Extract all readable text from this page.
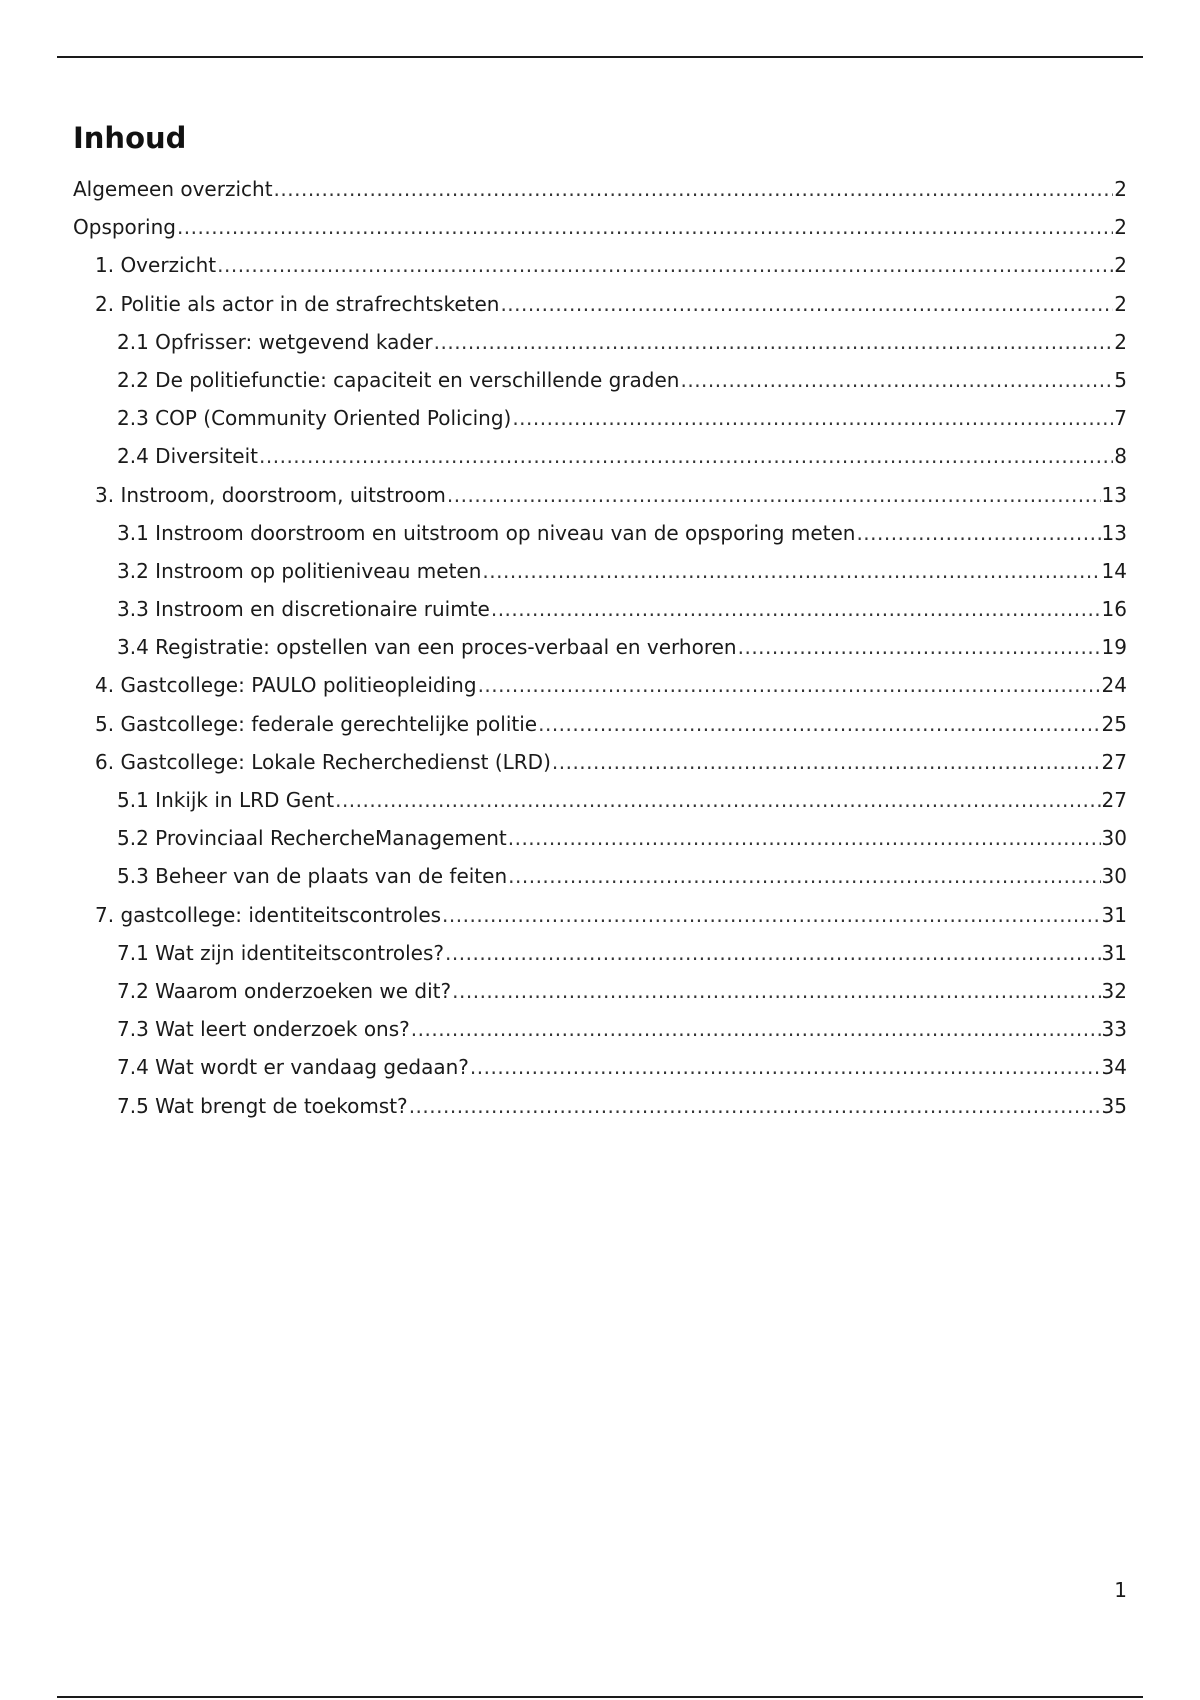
Inhoud
Algemeen overzicht .....	2
Opsporing .....	2
1. Overzicht .....	2
2. Politie als actor in de strafrechtsketen .....	2
2.1 Opfrisser: wetgevend kader .....	2
2.2 De politiefunctie: capaciteit en verschillende graden .....	5
2.3 COP (Community Oriented Policing) .....	7
2.4 Diversiteit .....	8
3. Instroom, doorstroom, uitstroom .....	13
3.1 Instroom doorstroom en uitstroom op niveau van de opsporing meten .....	13
3.2 Instroom op politieniveau meten .....	14
3.3 Instroom en discretionaire ruimte .....	16
3.4 Registratie: opstellen van een proces-verbaal en verhoren .....	19
4. Gastcollege: PAULO politieopleiding .....	24
5. Gastcollege: federale gerechtelijke politie .....	25
6. Gastcollege: Lokale Recherchedienst (LRD) .....	27
5.1 Inkijk in LRD Gent .....	27
5.2 Provinciaal RechercheManagement .....	30
5.3 Beheer van de plaats van de feiten .....	30
7. gastcollege: identiteitscontroles .....	31
7.1 Wat zijn identiteitscontroles? .....	31
7.2 Waarom onderzoeken we dit? .....	32
7.3 Wat leert onderzoek ons? .....	33
7.4 Wat wordt er vandaag gedaan? .....	34
7.5 Wat brengt de toekomst? .....	35
1
